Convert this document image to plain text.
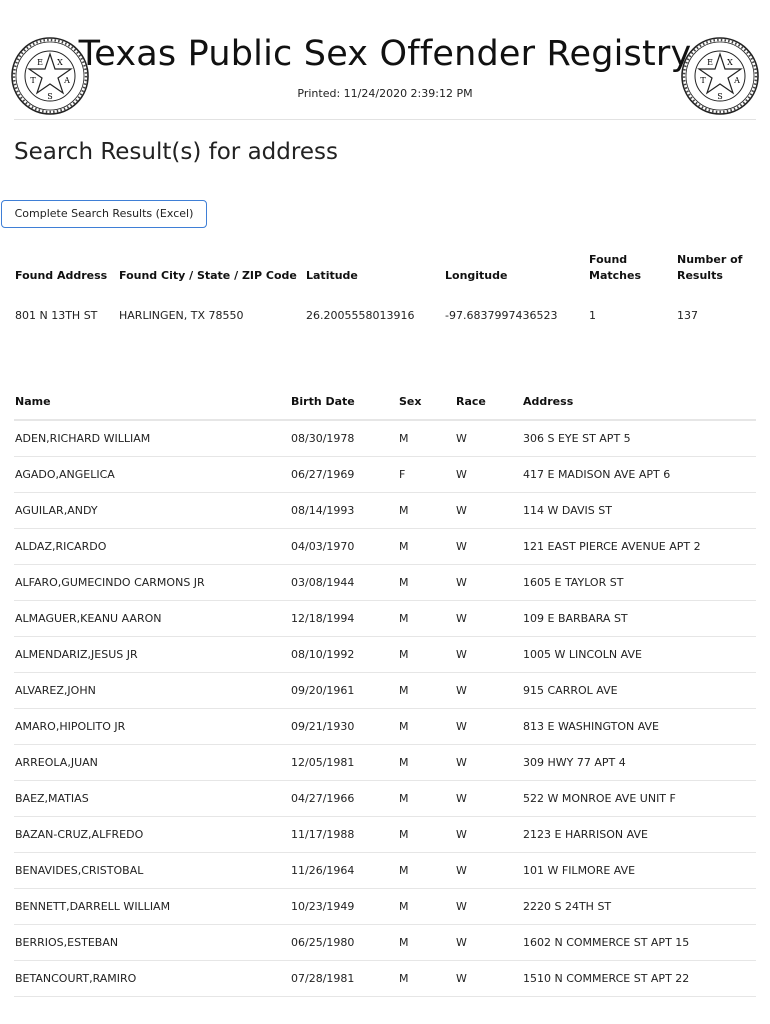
E X
T	A
S
E X
T	A
S
Texas Public Sex Offender Registry
Printed: 11/24/2020 2:39:12 PM
Search Result(s) for address
Complete Search Results (Excel)
Found Address	Found City / State / ZIP Code	Latitude	Longitude	Found Matches	Number of Results
801 N 13TH ST	HARLINGEN, TX 78550	26.2005558013916	-97.6837997436523	1	137
Name	Birth Date	Sex	Race	Address
ADEN,RICHARD WILLIAM	08/30/1978	M	W	306 S EYE ST APT 5
AGADO,ANGELICA	06/27/1969	F	W	417 E MADISON AVE APT 6
AGUILAR,ANDY	08/14/1993	M	W	114 W DAVIS ST
ALDAZ,RICARDO	04/03/1970	M	W	121 EAST PIERCE AVENUE APT 2
ALFARO,GUMECINDO CARMONS JR	03/08/1944	M	W	1605 E TAYLOR ST
ALMAGUER,KEANU AARON	12/18/1994	M	W	109 E BARBARA ST
ALMENDARIZ,JESUS JR	08/10/1992	M	W	1005 W LINCOLN AVE
ALVAREZ,JOHN	09/20/1961	M	W	915 CARROL AVE
AMARO,HIPOLITO JR	09/21/1930	M	W	813 E WASHINGTON AVE
ARREOLA,JUAN	12/05/1981	M	W	309 HWY 77 APT 4
BAEZ,MATIAS	04/27/1966	M	W	522 W MONROE AVE UNIT F
BAZAN-CRUZ,ALFREDO	11/17/1988	M	W	2123 E HARRISON AVE
BENAVIDES,CRISTOBAL	11/26/1964	M	W	101 W FILMORE AVE
BENNETT,DARRELL WILLIAM	10/23/1949	M	W	2220 S 24TH ST
BERRIOS,ESTEBAN	06/25/1980	M	W	1602 N COMMERCE ST APT 15
BETANCOURT,RAMIRO	07/28/1981	M	W	1510 N COMMERCE ST APT 22
